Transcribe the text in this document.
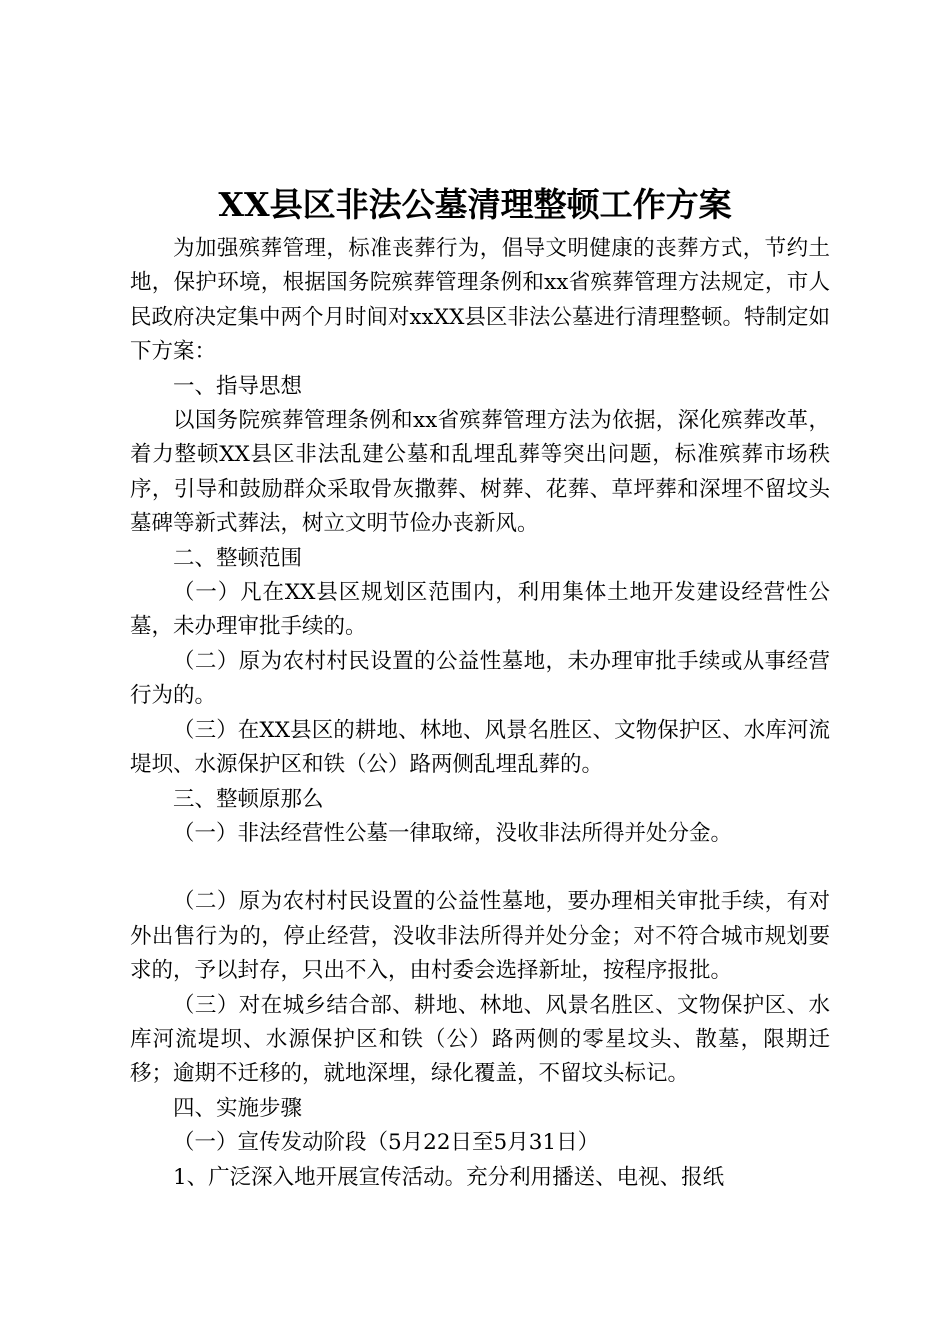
XX县区非法公墓清理整顿工作方案

为加强殡葬管理，标准丧葬行为，倡导文明健康的丧葬方式，节约土地，保护环境，根据国务院殡葬管理条例和xx省殡葬管理方法规定，市人民政府决定集中两个月时间对xxXX县区非法公墓进行清理整顿。特制定如下方案：

一、指导思想

以国务院殡葬管理条例和xx省殡葬管理方法为依据，深化殡葬改革，着力整顿XX县区非法乱建公墓和乱埋乱葬等突出问题，标准殡葬市场秩序，引导和鼓励群众采取骨灰撒葬、树葬、花葬、草坪葬和深埋不留坟头墓碑等新式葬法，树立文明节俭办丧新风。

二、整顿范围

（一）凡在XX县区规划区范围内，利用集体土地开发建设经营性公墓，未办理审批手续的。

（二）原为农村村民设置的公益性墓地，未办理审批手续或从事经营行为的。

（三）在XX县区的耕地、林地、风景名胜区、文物保护区、水库河流堤坝、水源保护区和铁（公）路两侧乱埋乱葬的。

三、整顿原那么

（一）非法经营性公墓一律取缔，没收非法所得并处分金。

（二）原为农村村民设置的公益性墓地，要办理相关审批手续，有对外出售行为的，停止经营，没收非法所得并处分金；对不符合城市规划要求的，予以封存，只出不入，由村委会选择新址，按程序报批。

（三）对在城乡结合部、耕地、林地、风景名胜区、文物保护区、水库河流堤坝、水源保护区和铁（公）路两侧的零星坟头、散墓，限期迁移；逾期不迁移的，就地深埋，绿化覆盖，不留坟头标记。

四、实施步骤

（一）宣传发动阶段（5月22日至5月31日）

1、广泛深入地开展宣传活动。充分利用播送、电视、报纸
